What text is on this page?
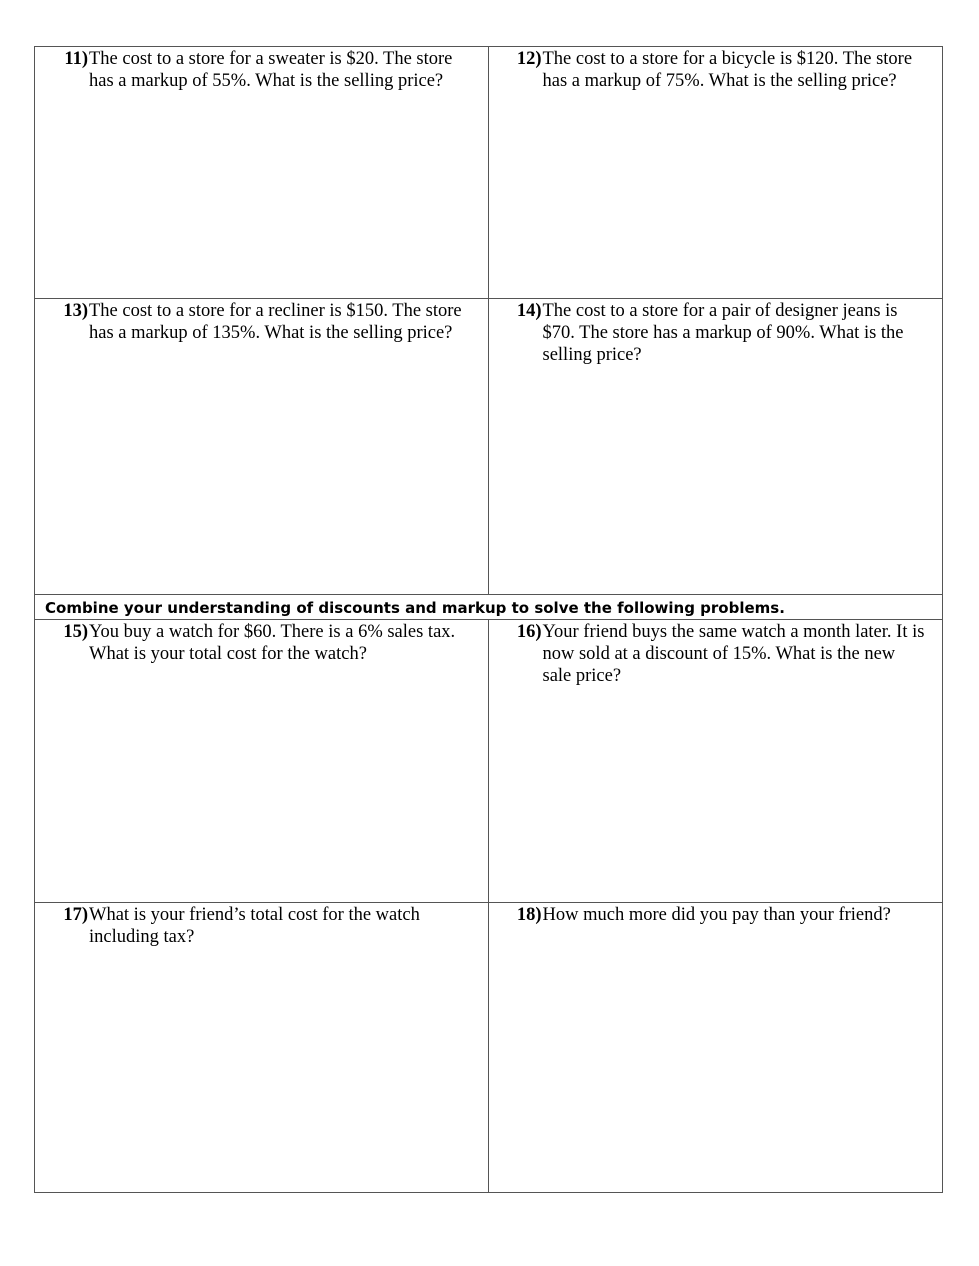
11) The cost to a store for a sweater is $20. The store has a markup of 55%. What is the selling price?
12) The cost to a store for a bicycle is $120. The store has a markup of 75%. What is the selling price?
13) The cost to a store for a recliner is $150. The store has a markup of 135%. What is the selling price?
14) The cost to a store for a pair of designer jeans is $70. The store has a markup of 90%. What is the selling price?
Combine your understanding of discounts and markup to solve the following problems.
15) You buy a watch for $60. There is a 6% sales tax. What is your total cost for the watch?
16) Your friend buys the same watch a month later. It is now sold at a discount of 15%. What is the new sale price?
17) What is your friend’s total cost for the watch including tax?
18) How much more did you pay than your friend?
